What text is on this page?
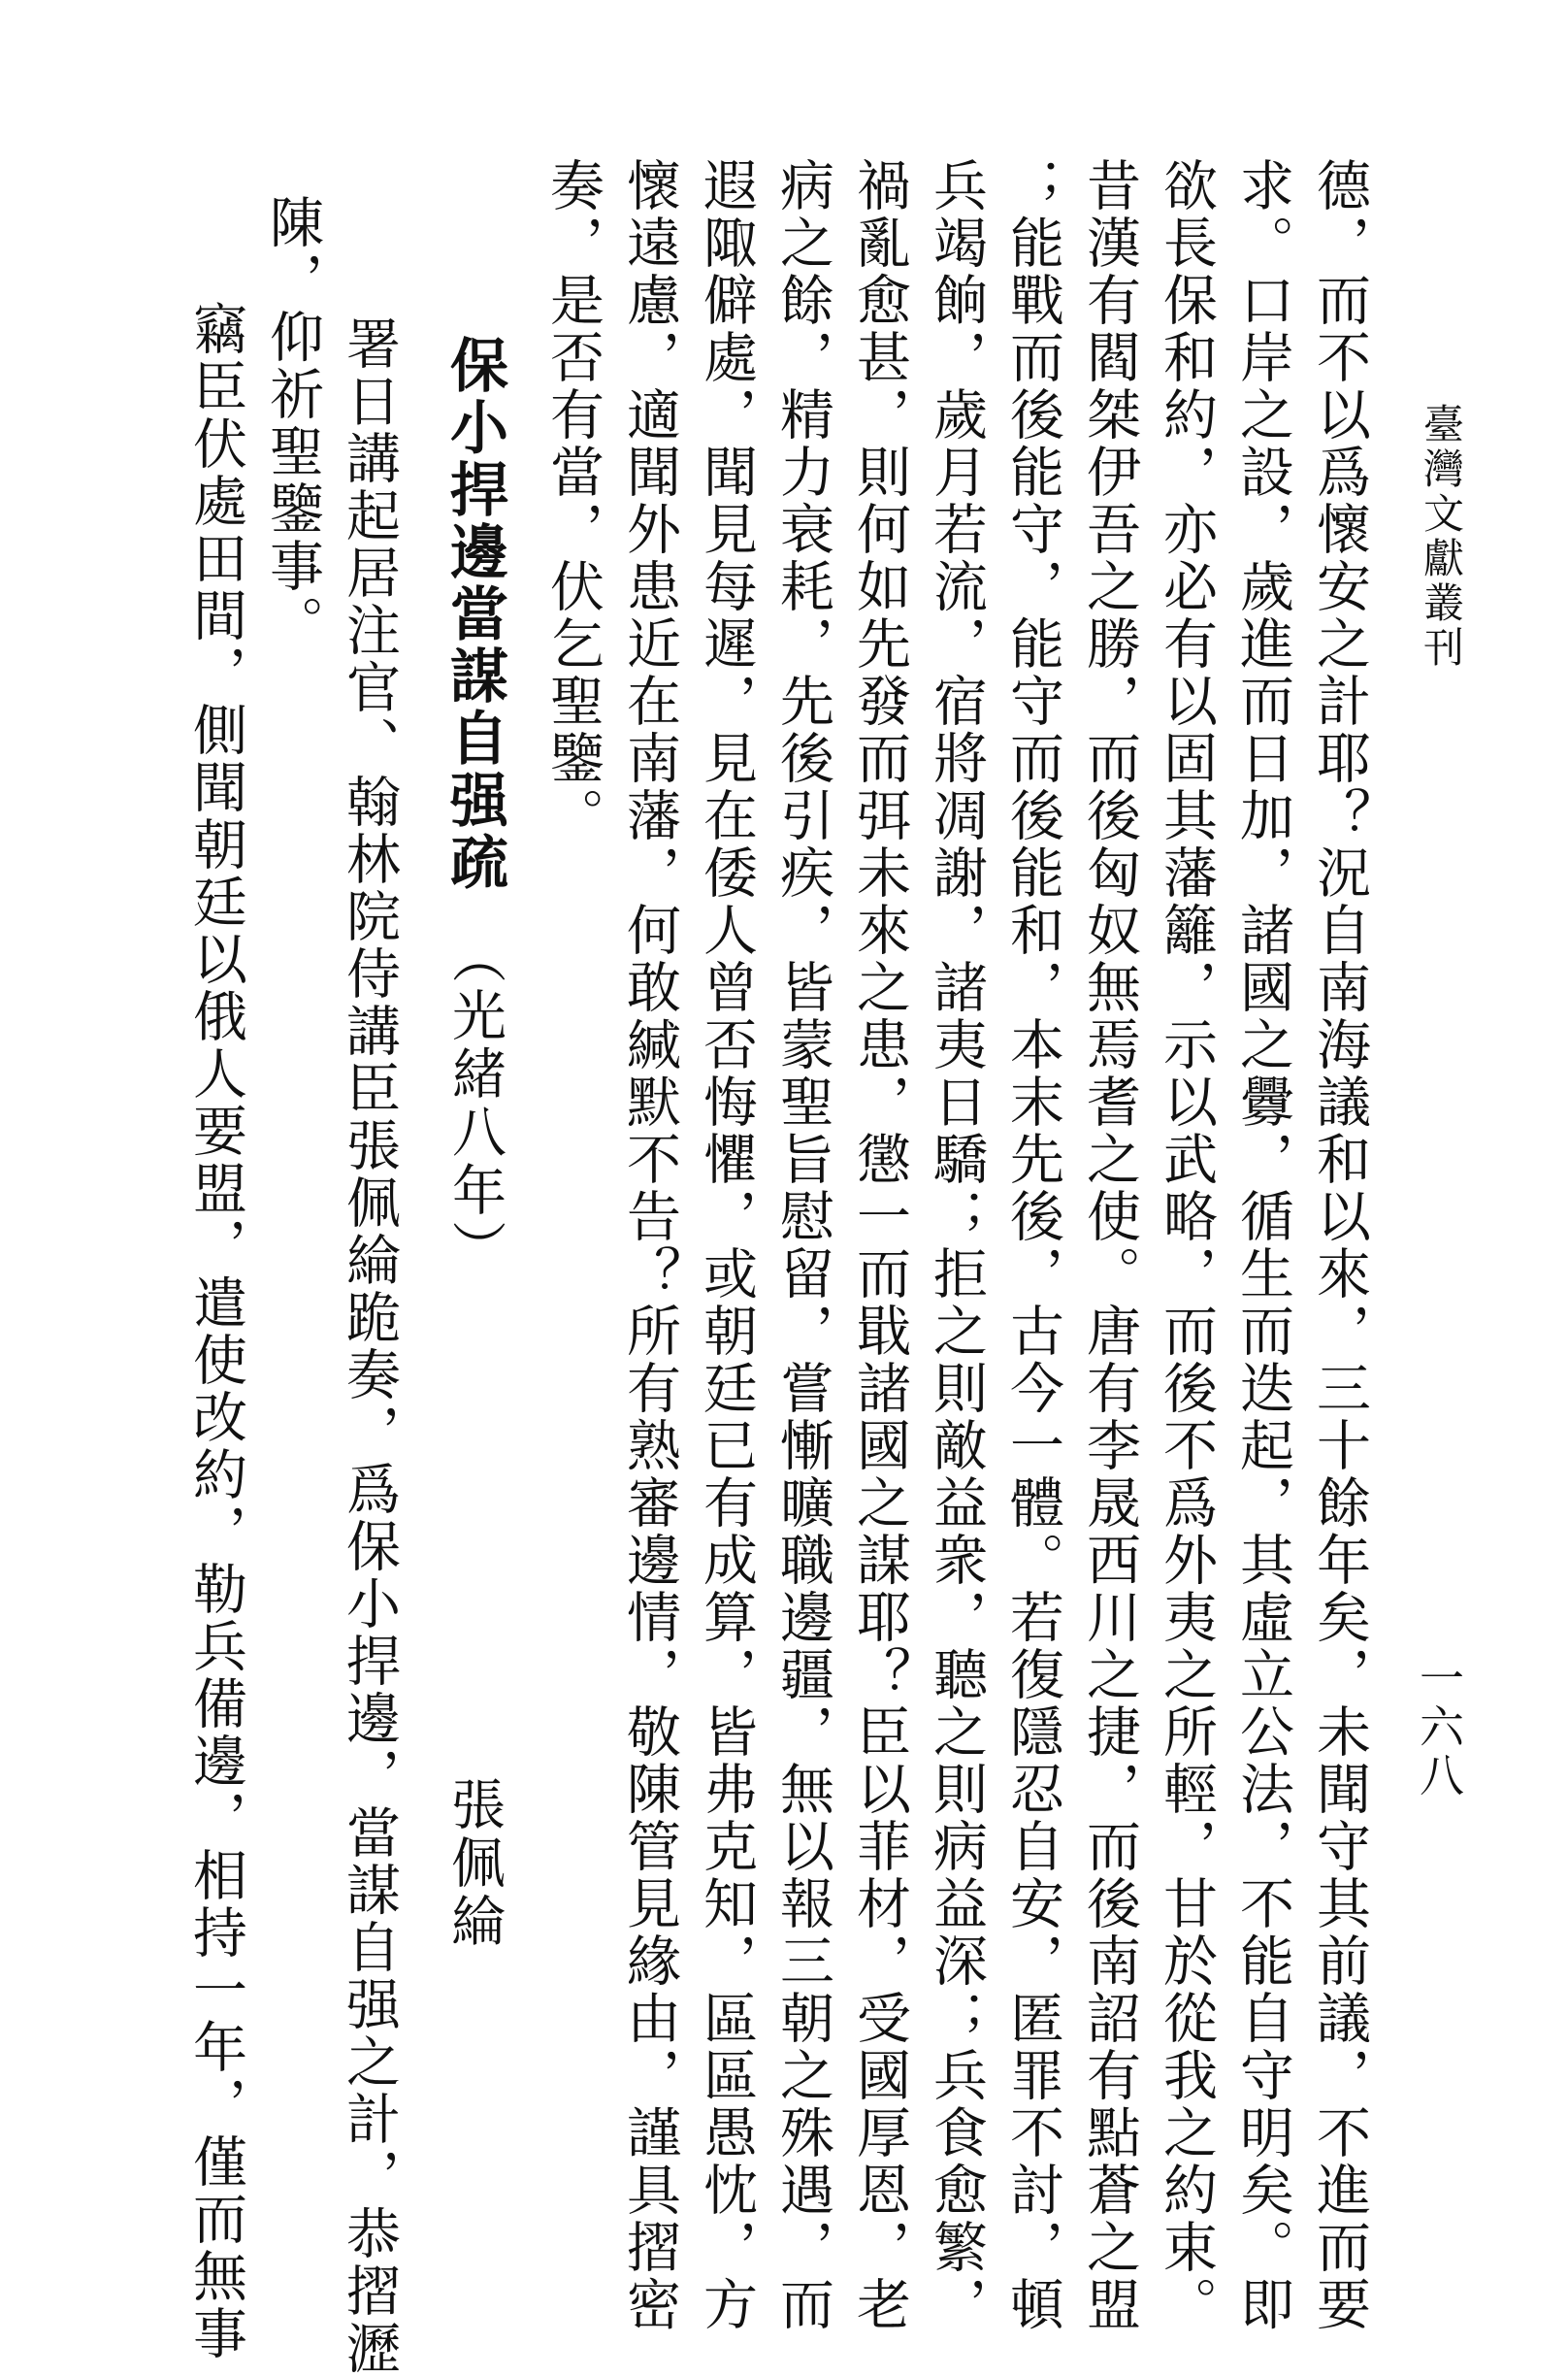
臺灣文獻叢刊
一六八
德，而不以爲懷安之計耶？況自南海議和以來，三十餘年矣，未聞守其前議，不進而要
求。口岸之設，歲進而日加，諸國之釁，循生而迭起，其虛立公法，不能自守明矣。即
欲長保和約，亦必有以固其藩籬，示以武略，而後不爲外夷之所輕，甘於從我之約束。
昔漢有閻桀伊吾之勝，而後匈奴無焉耆之使。唐有李晟西川之捷，而後南詔有點蒼之盟
；能戰而後能守，能守而後能和，本末先後，古今一體。若復隱忍自安，匿罪不討，頓
兵竭餉，歲月若流，宿將凋謝，諸夷日驕；拒之則敵益衆，聽之則病益深；兵食愈繁，
禍亂愈甚，則何如先發而弭未來之患，懲一而戢諸國之謀耶？臣以菲材，受國厚恩，老
病之餘，精力衰耗，先後引疾，皆蒙聖旨慰留，嘗慚曠職邊疆，無以報三朝之殊遇，而
遐陬僻處，聞見每遲，見在倭人曾否悔懼，或朝廷已有成算，皆弗克知，區區愚忱，方
懷遠慮，適聞外患近在南藩，何敢緘默不告？所有熟審邊情，敬陳管見緣由，謹具摺密
奏，是否有當，伏乞聖鑒。
保小捍邊當謀自强疏（光緒八年）
張佩綸
署日講起居注官、翰林院侍講臣張佩綸跪奏，爲保小捍邊，當謀自强之計，恭摺瀝
陳，仰祈聖鑒事。
竊臣伏處田間，側聞朝廷以俄人要盟，遣使改約，勒兵備邊，相持一年，僅而無事
